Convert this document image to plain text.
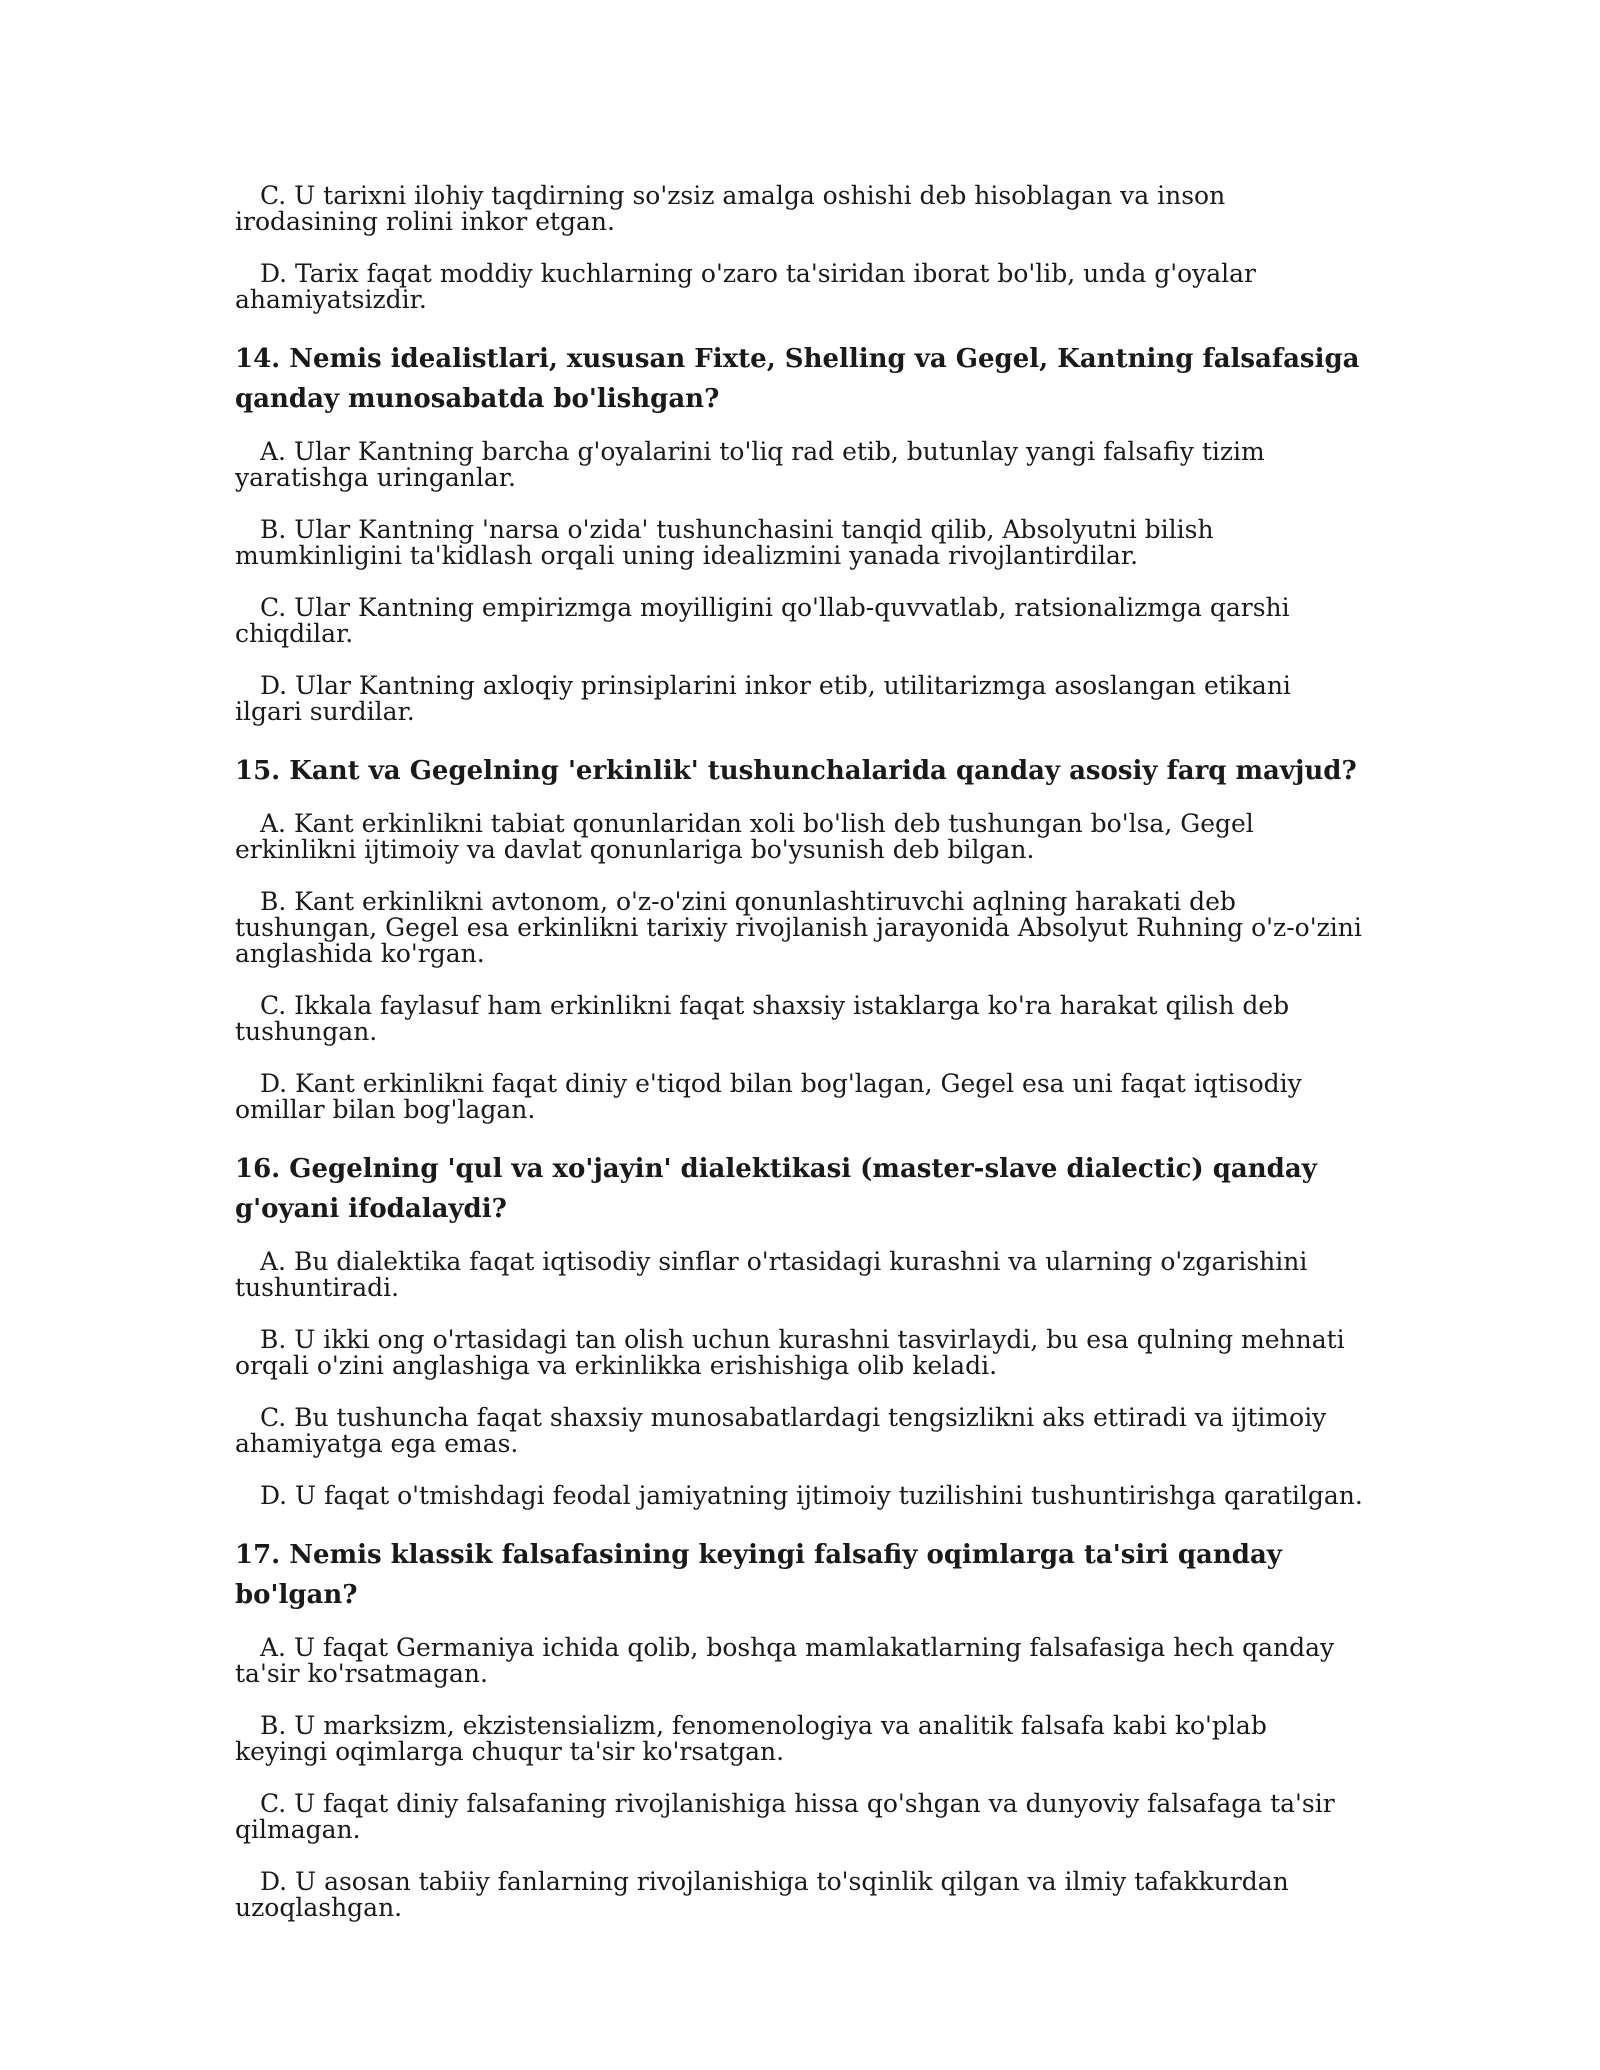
C. U tarixni ilohiy taqdirning so'zsiz amalga oshishi deb hisoblagan va inson irodasining rolini inkor etgan.

D. Tarix faqat moddiy kuchlarning o'zaro ta'siridan iborat bo'lib, unda g'oyalar ahamiyatsizdir.

14. Nemis idealistlari, xususan Fixte, Shelling va Gegel, Kantning falsafasiga qanday munosabatda bo'lishgan?

A. Ular Kantning barcha g'oyalarini to'liq rad etib, butunlay yangi falsafiy tizim yaratishga uringanlar.

B. Ular Kantning 'narsa o'zida' tushunchasini tanqid qilib, Absolyutni bilish mumkinligini ta'kidlash orqali uning idealizmini yanada rivojlantirdilar.

C. Ular Kantning empirizmga moyilligini qo'llab-quvvatlab, ratsionalizmga qarshi chiqdilar.

D. Ular Kantning axloqiy prinsiplarini inkor etib, utilitarizmga asoslangan etikani ilgari surdilar.

15. Kant va Gegelning 'erkinlik' tushunchalarida qanday asosiy farq mavjud?

A. Kant erkinlikni tabiat qonunlaridan xoli bo'lish deb tushungan bo'lsa, Gegel erkinlikni ijtimoiy va davlat qonunlariga bo'ysunish deb bilgan.

B. Kant erkinlikni avtonom, o'z-o'zini qonunlashtiruvchi aqlning harakati deb tushungan, Gegel esa erkinlikni tarixiy rivojlanish jarayonida Absolyut Ruhning o'z-o'zini anglashida ko'rgan.

C. Ikkala faylasuf ham erkinlikni faqat shaxsiy istaklarga ko'ra harakat qilish deb tushungan.

D. Kant erkinlikni faqat diniy e'tiqod bilan bog'lagan, Gegel esa uni faqat iqtisodiy omillar bilan bog'lagan.

16. Gegelning 'qul va xo'jayin' dialektikasi (master-slave dialectic) qanday g'oyani ifodalaydi?

A. Bu dialektika faqat iqtisodiy sinflar o'rtasidagi kurashni va ularning o'zgarishini tushuntiradi.

B. U ikki ong o'rtasidagi tan olish uchun kurashni tasvirlaydi, bu esa qulning mehnati orqali o'zini anglashiga va erkinlikka erishishiga olib keladi.

C. Bu tushuncha faqat shaxsiy munosabatlardagi tengsizlikni aks ettiradi va ijtimoiy ahamiyatga ega emas.

D. U faqat o'tmishdagi feodal jamiyatning ijtimoiy tuzilishini tushuntirishga qaratilgan.

17. Nemis klassik falsafasining keyingi falsafiy oqimlarga ta'siri qanday bo'lgan?

A. U faqat Germaniya ichida qolib, boshqa mamlakatlarning falsafasiga hech qanday ta'sir ko'rsatmagan.

B. U marksizm, ekzistensializm, fenomenologiya va analitik falsafa kabi ko'plab keyingi oqimlarga chuqur ta'sir ko'rsatgan.

C. U faqat diniy falsafaning rivojlanishiga hissa qo'shgan va dunyoviy falsafaga ta'sir qilmagan.

D. U asosan tabiiy fanlarning rivojlanishiga to'sqinlik qilgan va ilmiy tafakkurdan uzoqlashgan.
